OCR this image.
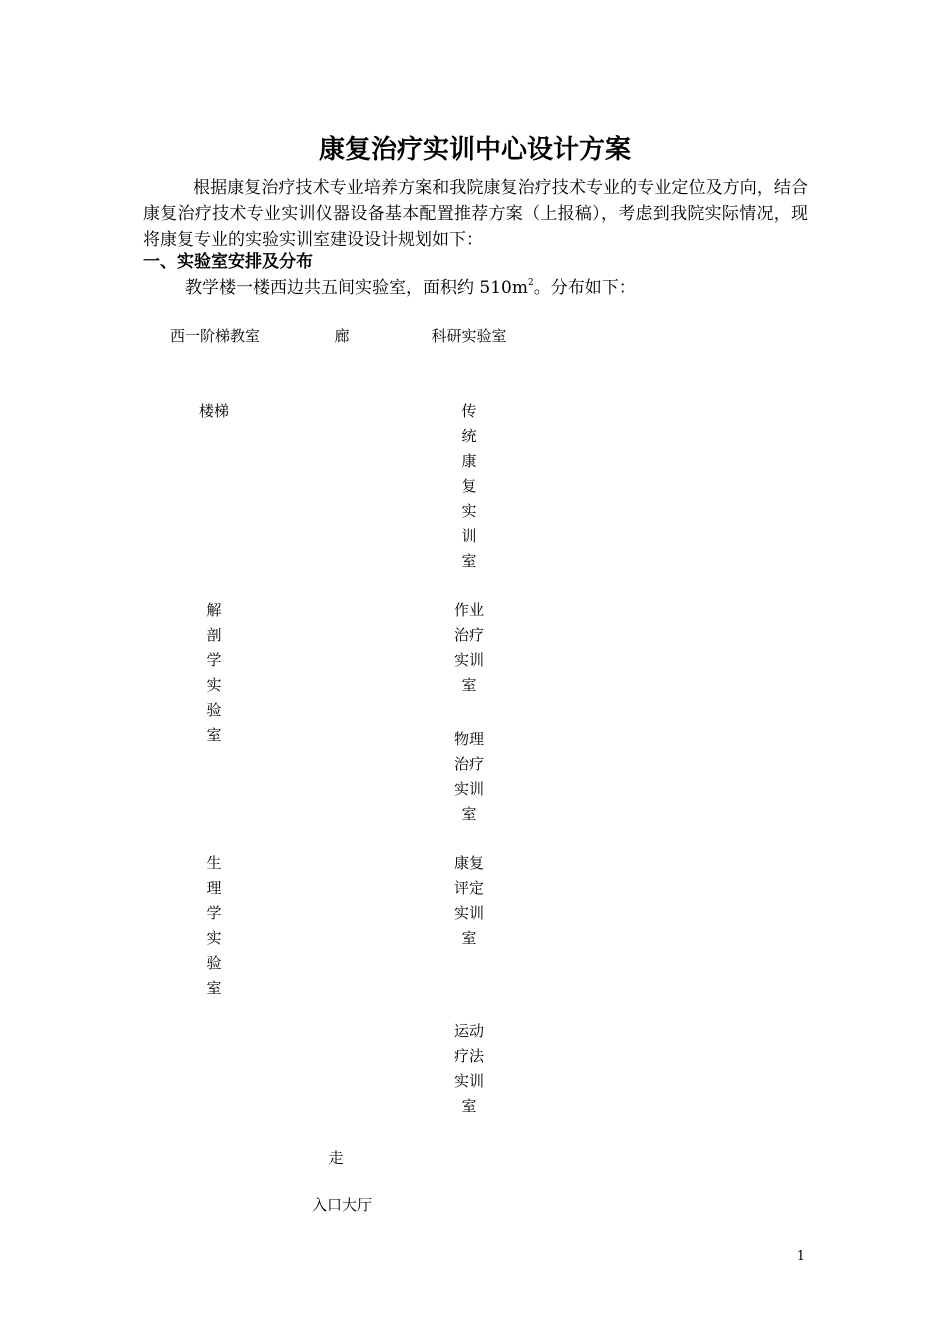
康复治疗实训中心设计方案

根据康复治疗技术专业培养方案和我院康复治疗技术专业的专业定位及方向，结合康复治疗技术专业实训仪器设备基本配置推荐方案（上报稿），考虑到我院实际情况，现将康复专业的实验实训室建设设计规划如下：

一、实验室安排及分布

教学楼一楼西边共五间实验室，面积约 $510m^2$。分布如下：

西一阶梯教室	廊	科研实验室
楼梯	传
统
康
复
实
训
室
解
剖
学
实
验
室
作业
治疗
实训
室
物理
治疗
实训
室
生
理
学
实
验
室
康复
评定
实训
室
运动
疗法
实训
室
走
入口大厅
1
